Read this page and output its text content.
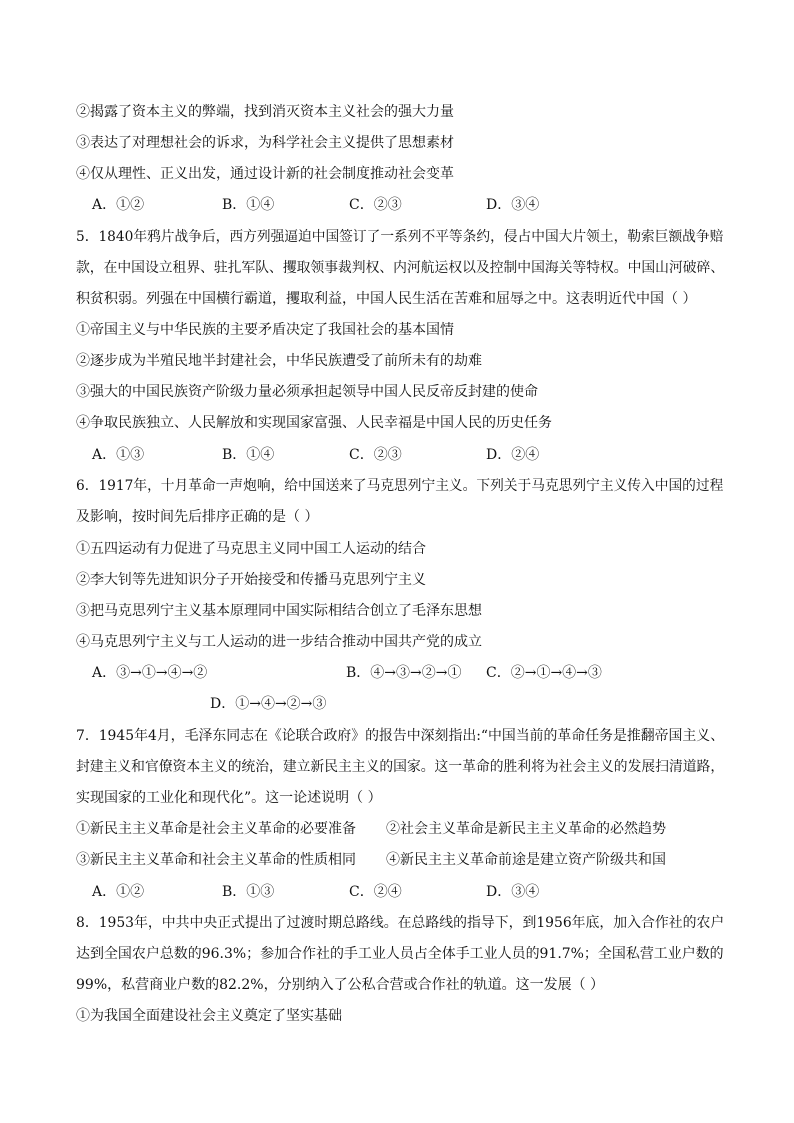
②揭露了资本主义的弊端，找到消灭资本主义社会的强大力量
③表达了对理想社会的诉求，为科学社会主义提供了思想素材
④仅从理性、正义出发，通过设计新的社会制度推动社会变革
A．①②	B．①④	C．②③	D．③④
5．1840年鸦片战争后，西方列强逼迫中国签订了一系列不平等条约，侵占中国大片领土，勒索巨额战争赔
款，在中国设立租界、驻扎军队、攫取领事裁判权、内河航运权以及控制中国海关等特权。中国山河破碎、
积贫积弱。列强在中国横行霸道，攫取利益，中国人民生活在苦难和屈辱之中。这表明近代中国（ ）
①帝国主义与中华民族的主要矛盾决定了我国社会的基本国情
②逐步成为半殖民地半封建社会，中华民族遭受了前所未有的劫难
③强大的中国民族资产阶级力量必须承担起领导中国人民反帝反封建的使命
④争取民族独立、人民解放和实现国家富强、人民幸福是中国人民的历史任务
A．①③	B．①④	C．②③	D．②④
6．1917年，十月革命一声炮响，给中国送来了马克思列宁主义。下列关于马克思列宁主义传入中国的过程
及影响，按时间先后排序正确的是（ ）
①五四运动有力促进了马克思主义同中国工人运动的结合
②李大钊等先进知识分子开始接受和传播马克思列宁主义
③把马克思列宁主义基本原理同中国实际相结合创立了毛泽东思想
④马克思列宁主义与工人运动的进一步结合推动中国共产党的成立
A．③→①→④→②	B．④→③→②→① C．②→①→④→③
D．①→④→②→③
7．1945年4月，毛泽东同志在《论联合政府》的报告中深刻指出:“中国当前的革命任务是推翻帝国主义、
封建主义和官僚资本主义的统治，建立新民主主义的国家。这一革命的胜利将为社会主义的发展扫清道路，
实现国家的工业化和现代化”。这一论述说明（ ）
①新民主主义革命是社会主义革命的必要准备 ②社会主义革命是新民主主义革命的必然趋势
③新民主主义革命和社会主义革命的性质相同 ④新民主主义革命前途是建立资产阶级共和国
A．①②	B．①③	C．②④	D．③④
8．1953年，中共中央正式提出了过渡时期总路线。在总路线的指导下，到1956年底，加入合作社的农户
达到全国农户总数的96.3%；参加合作社的手工业人员占全体手工业人员的91.7%；全国私营工业户数的
99%，私营商业户数的82.2%，分别纳入了公私合营或合作社的轨道。这一发展（ ）
①为我国全面建设社会主义奠定了坚实基础
